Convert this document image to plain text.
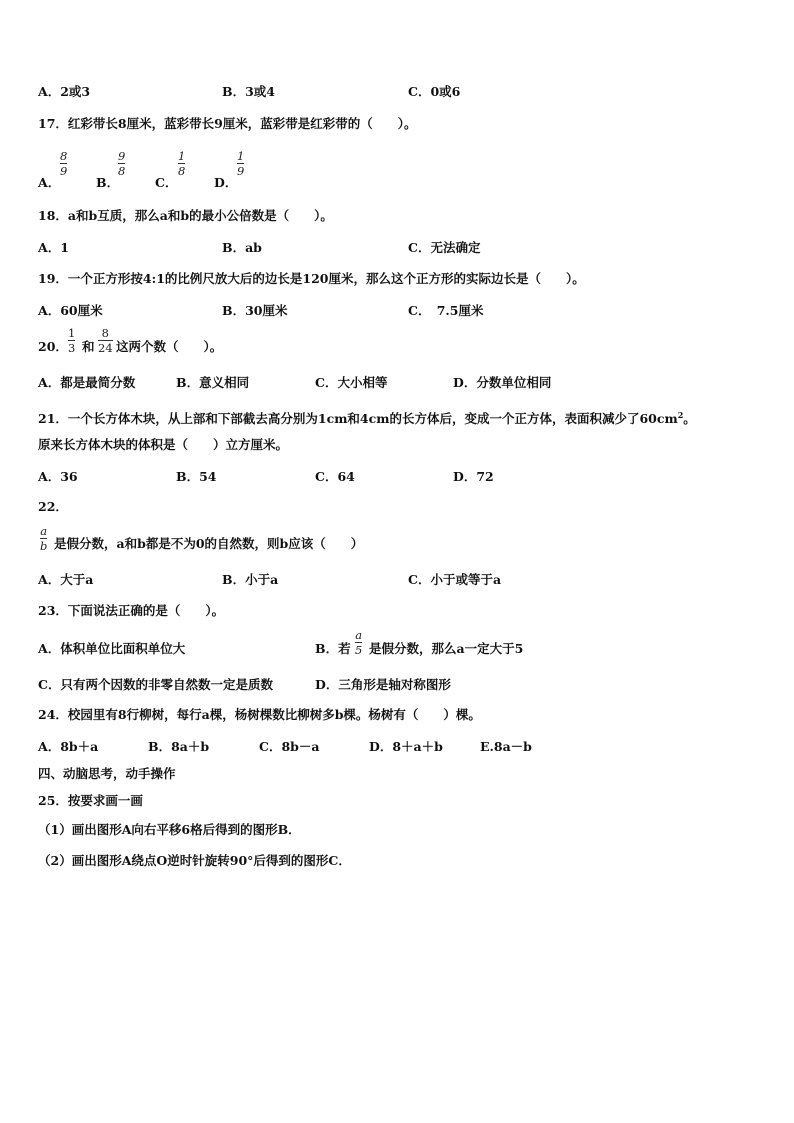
A．2或3	B．3或4	C．0或6
17．红彩带长8厘米，蓝彩带长9厘米，蓝彩带是红彩带的（　　）。
A．
8
9
B．
9
8
C．
1
8
D．
1
9
18．a和b互质，那么a和b的最小公倍数是（　　）。
A．1	B．ab	C．无法确定
19．一个正方形按4:1的比例尺放大后的边长是120厘米，那么这个正方形的实际边长是（　　）。
A．60厘米	B．30厘米	C．　7.5厘米
20．
1
3 和
8
24 这两个数（　　）。
A．都是最简分数	B．意义相同	C．大小相等	D．分数单位相同
21．一个长方体木块，从上部和下部截去高分别为1cm和4cm的长方体后，变成一个正方体，表面积减少了$60cm^2$。
原来长方体木块的体积是（　　）立方厘米。
A．36	B．54	C．64	D．72
22．
a
b 是假分数，a和b都是不为0的自然数，则b应该（　　）
A．大于a	B．小于a	C．小于或等于a
23．下面说法正确的是（　　）。
A．体积单位比面积单位大	B．若
a
5 是假分数，那么a一定大于5
C．只有两个因数的非零自然数一定是质数	D．三角形是轴对称图形
24．校园里有8行柳树，每行a棵，杨树棵数比柳树多b棵。杨树有（　　）棵。
A．8b＋a	B．8a＋b	C．8b－a	D．8＋a＋b	E.8a－b
四、动脑思考，动手操作
25．按要求画一画
（1）画出图形A向右平移6格后得到的图形B．
（2）画出图形A绕点O逆时针旋转90°后得到的图形C．
